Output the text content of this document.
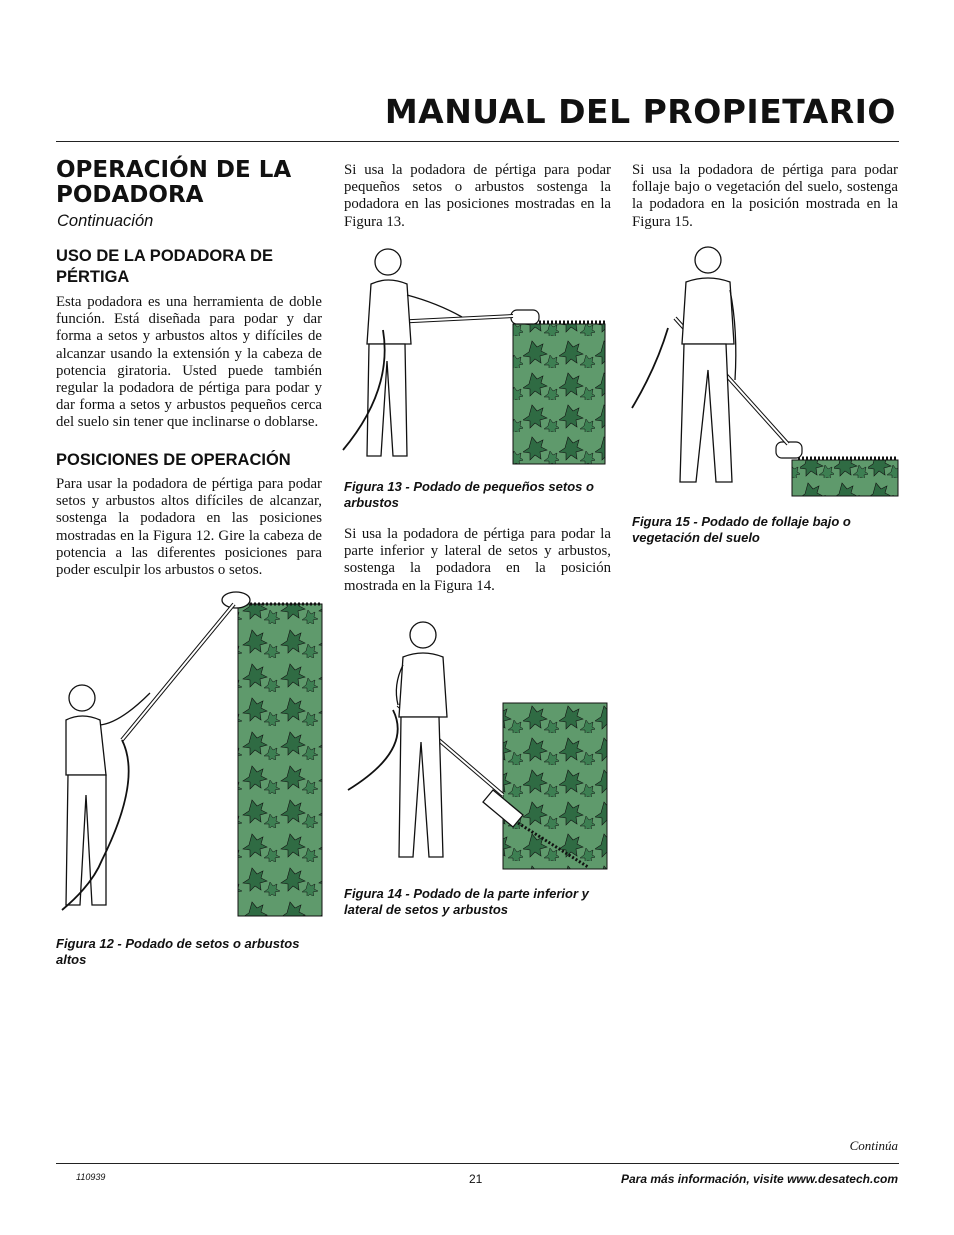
MANUAL DEL PROPIETARIO
OPERACIÓN DE LA PODADORA
Continuación
USO DE LA PODADORA DE PÉRTIGA
Esta podadora es una herramienta de doble función. Está diseñada para podar y dar forma a setos y arbustos altos y difíciles de alcanzar usando la extensión y la cabeza de potencia giratoria. Usted puede también regular la podadora de pértiga para podar y dar forma a setos y arbustos pequeños cerca del suelo sin tener que inclinarse o doblarse.
POSICIONES DE OPERACIÓN
Para usar la podadora de pértiga para podar setos y arbustos altos difíciles de alcanzar, sostenga la podadora en las posiciones mostradas en la Figura 12. Gire la cabeza de potencia a las diferentes posiciones para poder esculpir los arbustos o setos.
Figura 12 - Podado de setos o arbustos altos
Si usa la podadora de pértiga para podar pequeños setos o arbustos sostenga la podadora en las posiciones mostradas en la Figura 13.
Figura 13 - Podado de pequeños setos o arbustos
Si usa la podadora de pértiga para podar la parte inferior y lateral de setos y arbustos, sostenga la podadora en la posición mostrada en la Figura 14.
Figura 14 - Podado de la parte inferior y lateral de setos y arbustos
Si usa la podadora de pértiga para podar follaje bajo o vegetación del suelo, sostenga la podadora en la posición mostrada en la Figura 15.
Figura 15 - Podado de follaje bajo o vegetación del suelo
Continúa
110939	21	Para más información, visite www.desatech.com
